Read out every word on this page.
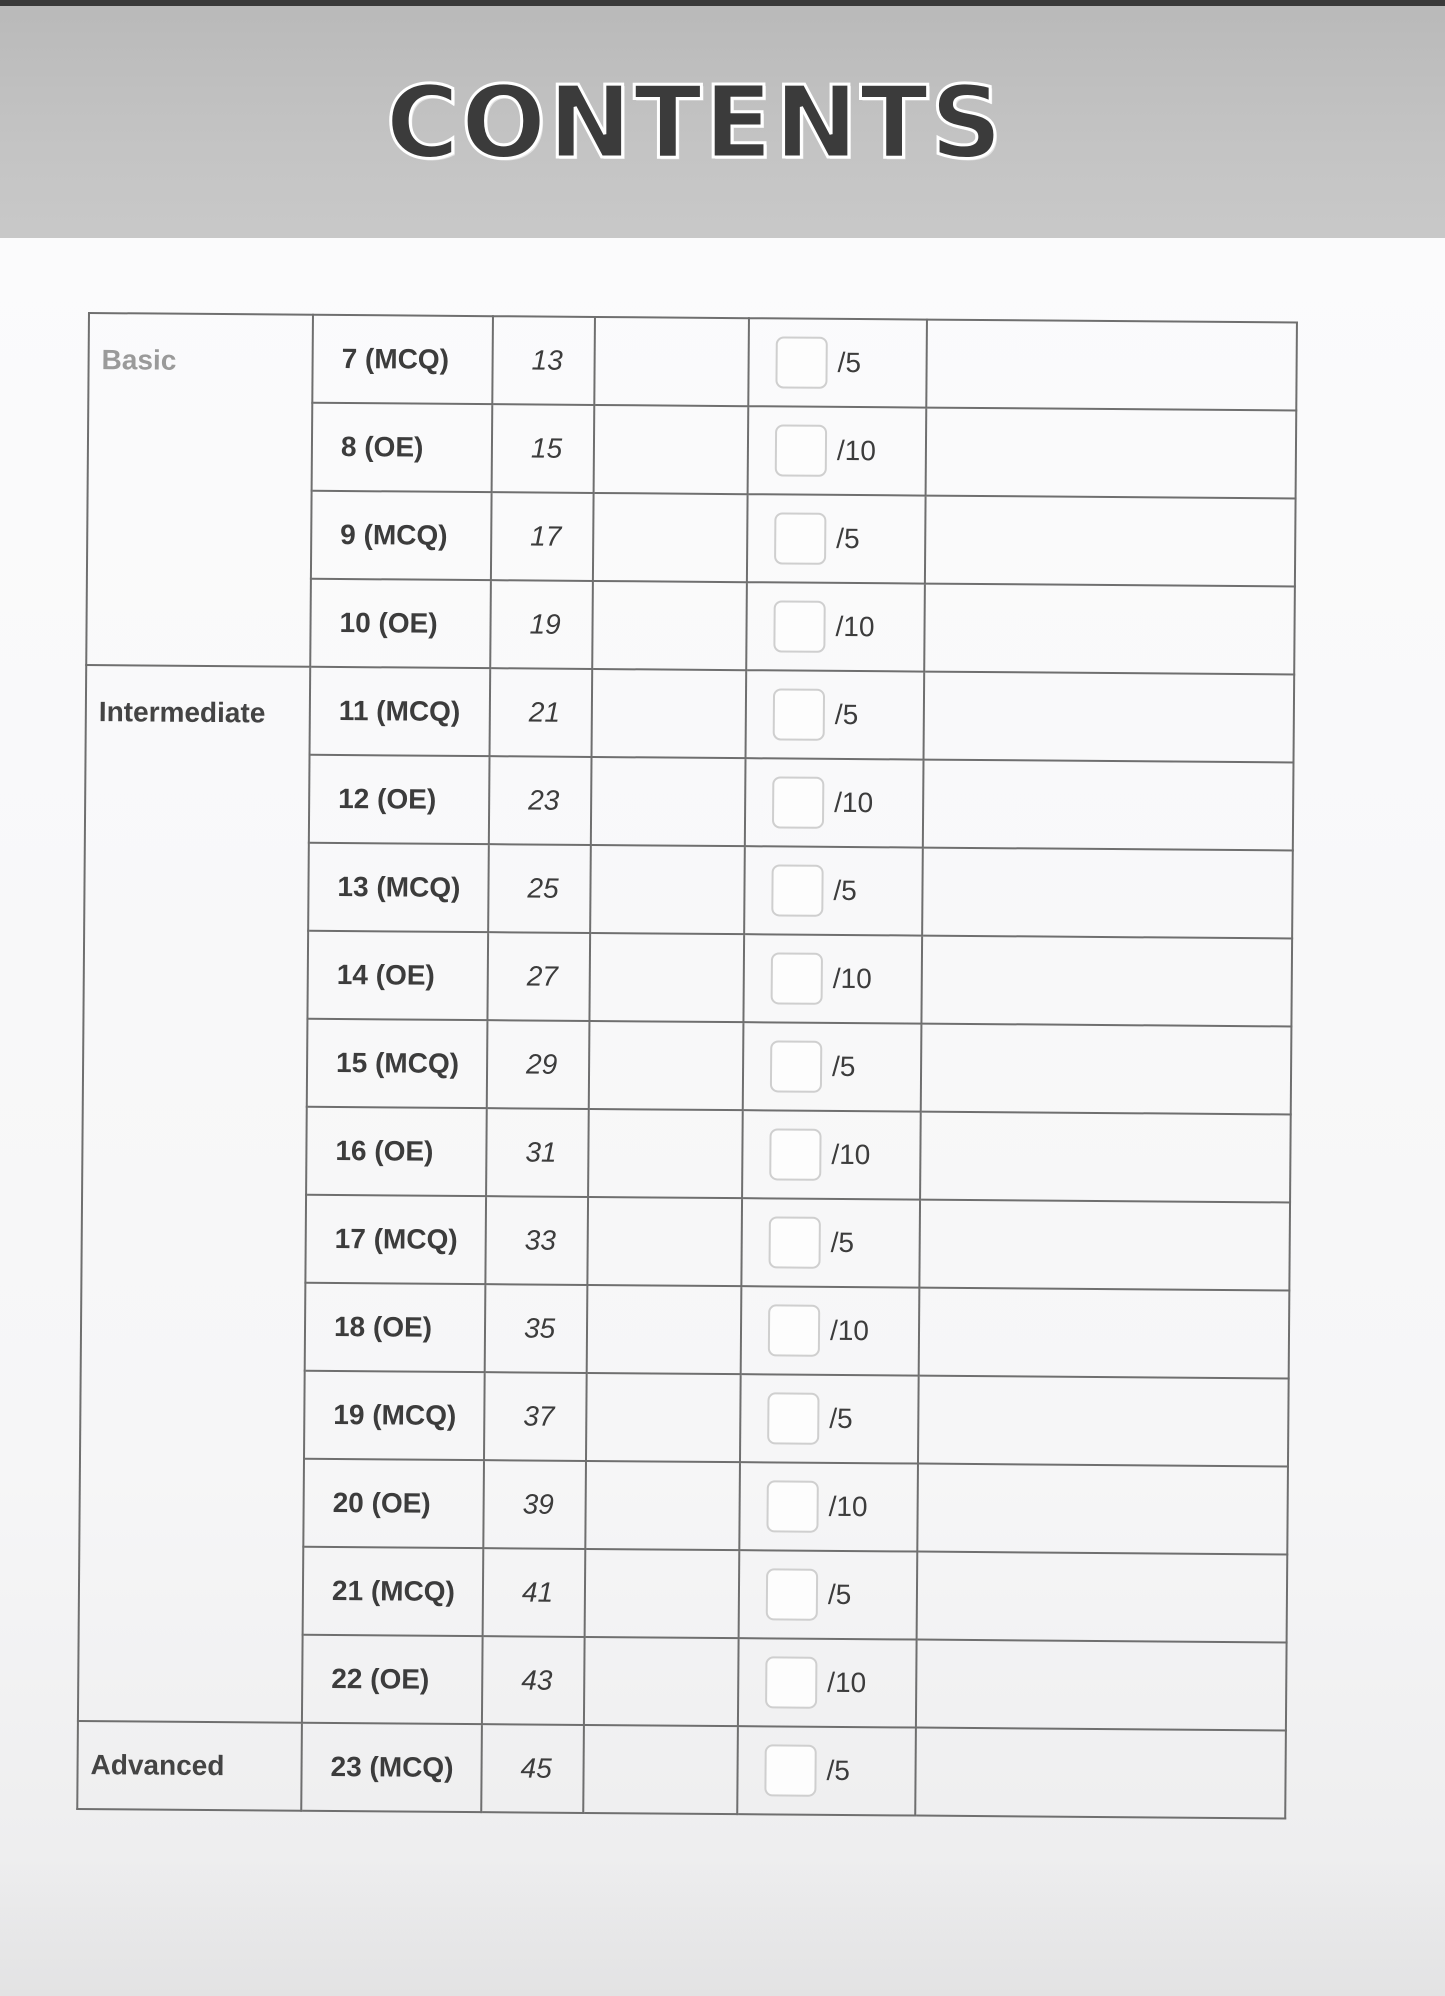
CONTENTS
Basic	7 (MCQ)	13		/5	
	8 (OE)	15		/10	
	9 (MCQ)	17		/5	
	10 (OE)	19		/10	
Intermediate	11 (MCQ)	21		/5	
	12 (OE)	23		/10	
	13 (MCQ)	25		/5	
	14 (OE)	27		/10	
	15 (MCQ)	29		/5	
	16 (OE)	31		/10	
	17 (MCQ)	33		/5	
	18 (OE)	35		/10	
	19 (MCQ)	37		/5	
	20 (OE)	39		/10	
	21 (MCQ)	41		/5	
	22 (OE)	43		/10	
Advanced	23 (MCQ)	45		/5	
